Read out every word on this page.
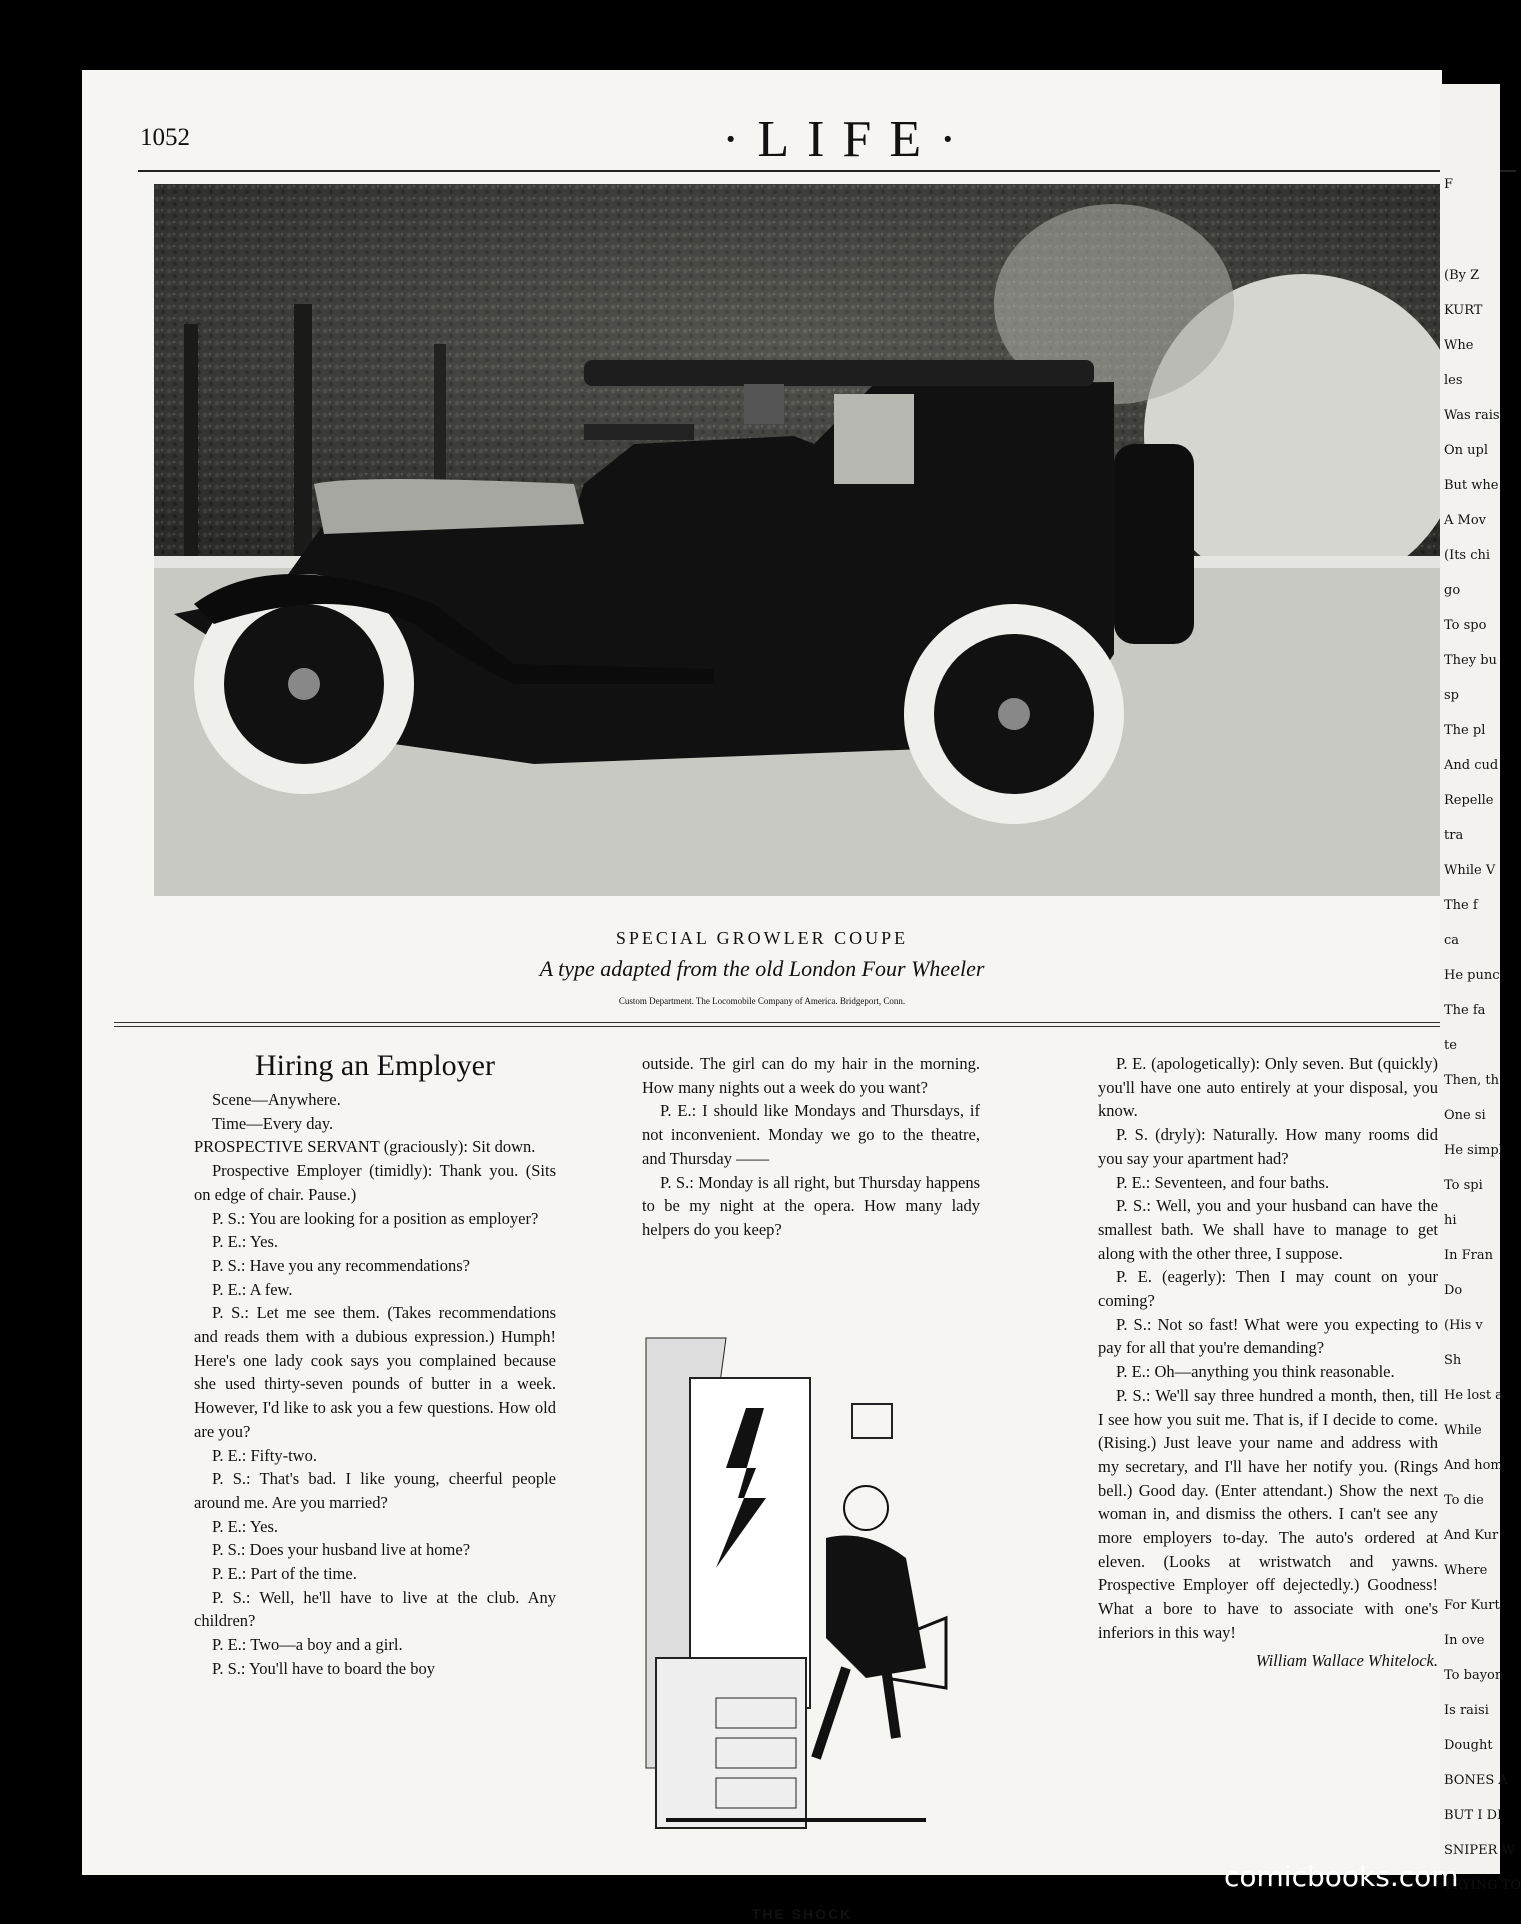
1052	·LIFE·
SPECIAL GROWLER COUPE
A type adapted from the old London Four Wheeler
Custom Department. The Locomobile Company of America. Bridgeport, Conn.

Hiring an Employer

Scene—Anywhere.

Time—Every day.

PROSPECTIVE SERVANT (graciously): Sit down.

Prospective Employer (timidly): Thank you. (Sits on edge of chair. Pause.)

P. S.: You are looking for a position as employer?

P. E.: Yes.

P. S.: Have you any recommendations?

P. E.: A few.

P. S.: Let me see them. (Takes recommendations and reads them with a dubious expression.) Humph! Here's one lady cook says you complained because she used thirty-seven pounds of butter in a week. However, I'd like to ask you a few questions. How old are you?

P. E.: Fifty-two.

P. S.: That's bad. I like young, cheerful people around me. Are you married?

P. E.: Yes.

P. S.: Does your husband live at home?

P. E.: Part of the time.

P. S.: Well, he'll have to live at the club. Any children?

P. E.: Two—a boy and a girl.

P. S.: You'll have to board the boy

outside. The girl can do my hair in the morning. How many nights out a week do you want?

P. E.: I should like Mondays and Thursdays, if not inconvenient. Monday we go to the theatre, and Thursday ——

P. S.: Monday is all right, but Thursday happens to be my night at the opera. How many lady helpers do you keep?

THE SHOCK

P. E. (apologetically): Only seven. But (quickly) you'll have one auto entirely at your disposal, you know.

P. S. (dryly): Naturally. How many rooms did you say your apartment had?

P. E.: Seventeen, and four baths.

P. S.: Well, you and your husband can have the smallest bath. We shall have to manage to get along with the other three, I suppose.

P. E. (eagerly): Then I may count on your coming?

P. S.: Not so fast! What were you expecting to pay for all that you're demanding?

P. E.: Oh—anything you think reasonable.

P. S.: We'll say three hundred a month, then, till I see how you suit me. That is, if I decide to come. (Rising.) Just leave your name and address with my secretary, and I'll have her notify you. (Rings bell.) Good day. (Enter attendant.) Show the next woman in, and dismiss the others. I can't see any more employers to-day. The auto's ordered at eleven. (Looks at wristwatch and yawns. Prospective Employer off dejectedly.) Goodness! What a bore to have to associate with one's inferiors in this way!

William Wallace Whitelock.

F
(By Z
KURT
Whe
les
Was rais
On upl
But whe
A Mov
(Its chi
go
To spo
They bu
sp
The pl
And cud
Repelle
tra
While V
The f
ca
He punc
The fa
te
Then, th
One si
He simpl
To spi
hi
In Fran
Do
(His v
Sh
He lost a
While
And hom
To die
And Kur
Where
For Kurt
In ove
To bayon
Is raisi
Dought
BONES A
BUT I DI
SNIPER W
TRYING TO
comicbooks.com
